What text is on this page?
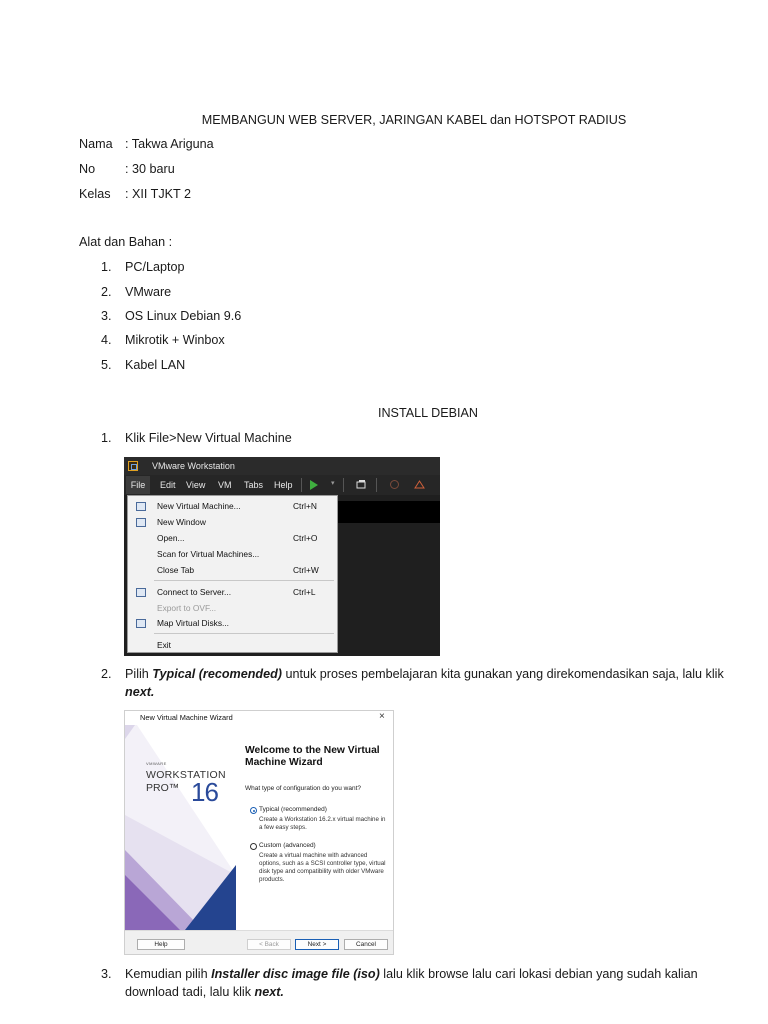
MEMBANGUN WEB SERVER, JARINGAN KABEL dan HOTSPOT RADIUS
Nama : Takwa Ariguna
No : 30 baru
Kelas : XII TJKT 2
Alat dan Bahan :
1. PC/Laptop
2. VMware
3. OS Linux Debian 9.6
4. Mikrotik + Winbox
5. Kabel LAN
INSTALL DEBIAN
1. Klik File>New Virtual Machine
VMware Workstation
File	Edit View VM Tabs Help	▾
New Virtual Machine...	Ctrl+N
New Window
Open...	Ctrl+O
Scan for Virtual Machines...
Close Tab	Ctrl+W
Connect to Server...	Ctrl+L
Export to OVF...
Map Virtual Disks...
Exit
2. Pilih Typical (recomended) untuk proses pembelajaran kita gunakan yang direkomendasikan saja, lalu klik
next.
New Virtual Machine Wizard	×
VMWARE
WORKSTATION
PRO™ 16
Welcome to the New Virtual
Machine Wizard
What type of configuration do you want?
Typical (recommended)
Create a Workstation 16.2.x virtual machine in a few easy steps.
Custom (advanced)
Create a virtual machine with advanced options, such as a SCSI controller type, virtual disk type and compatibility with older VMware products.
Help	< Back	Next >	Cancel
3. Kemudian pilih Installer disc image file (iso) lalu klik browse lalu cari lokasi debian yang sudah kalian
download tadi, lalu klik next.
